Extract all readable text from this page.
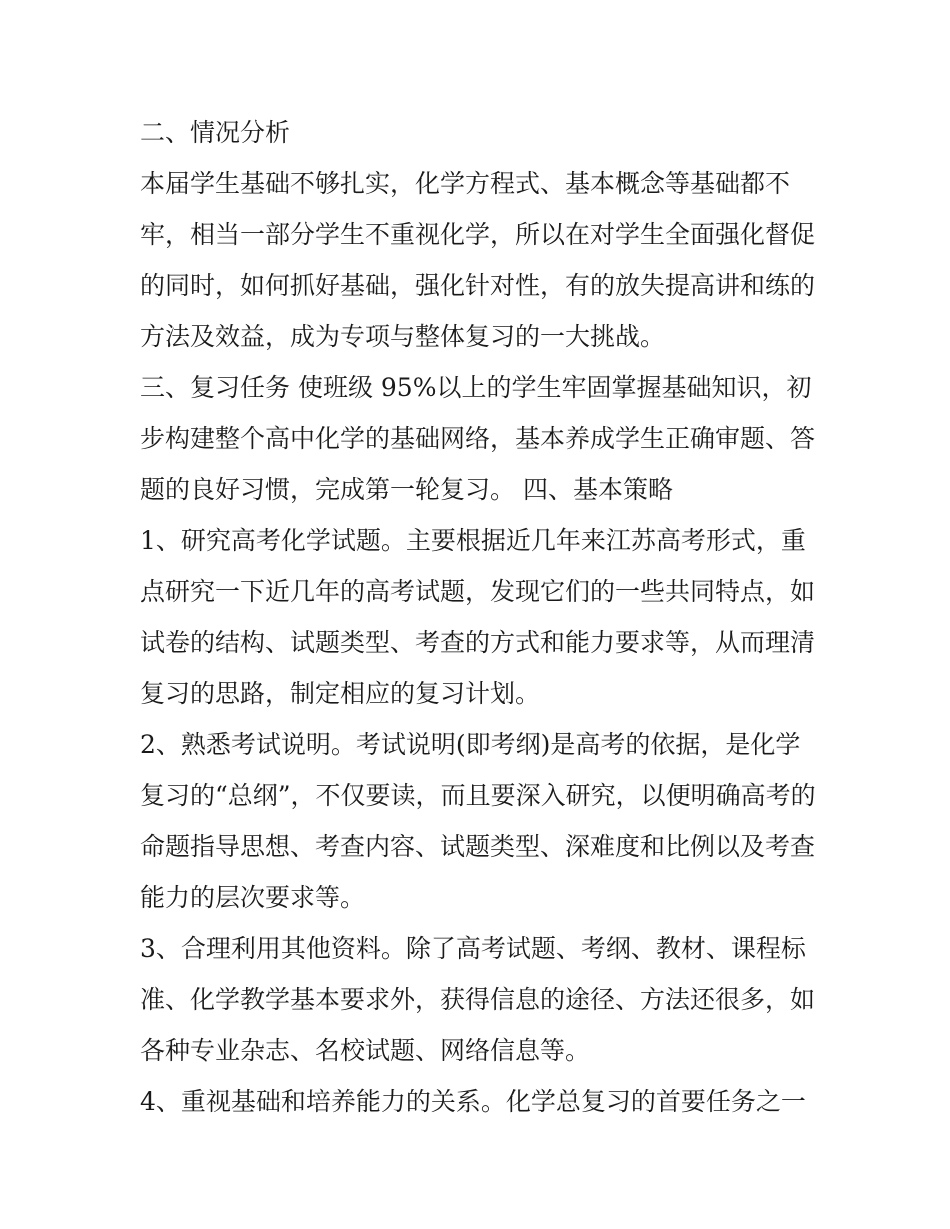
二、情况分析
本届学生基础不够扎实，化学方程式、基本概念等基础都不
牢，相当一部分学生不重视化学，所以在对学生全面强化督促
的同时，如何抓好基础，强化针对性，有的放失提高讲和练的
方法及效益，成为专项与整体复习的一大挑战。
三、复习任务 使班级 95%以上的学生牢固掌握基础知识，初
步构建整个高中化学的基础网络，基本养成学生正确审题、答
题的良好习惯，完成第一轮复习。 四、基本策略
1、研究高考化学试题。主要根据近几年来江苏高考形式，重
点研究一下近几年的高考试题，发现它们的一些共同特点，如
试卷的结构、试题类型、考查的方式和能力要求等，从而理清
复习的思路，制定相应的复习计划。
2、熟悉考试说明。考试说明(即考纲)是高考的依据，是化学
复习的“总纲”，不仅要读，而且要深入研究，以便明确高考的
命题指导思想、考查内容、试题类型、深难度和比例以及考查
能力的层次要求等。
3、合理利用其他资料。除了高考试题、考纲、教材、课程标
准、化学教学基本要求外，获得信息的途径、方法还很多，如
各种专业杂志、名校试题、网络信息等。
4、重视基础和培养能力的关系。化学总复习的首要任务之一
